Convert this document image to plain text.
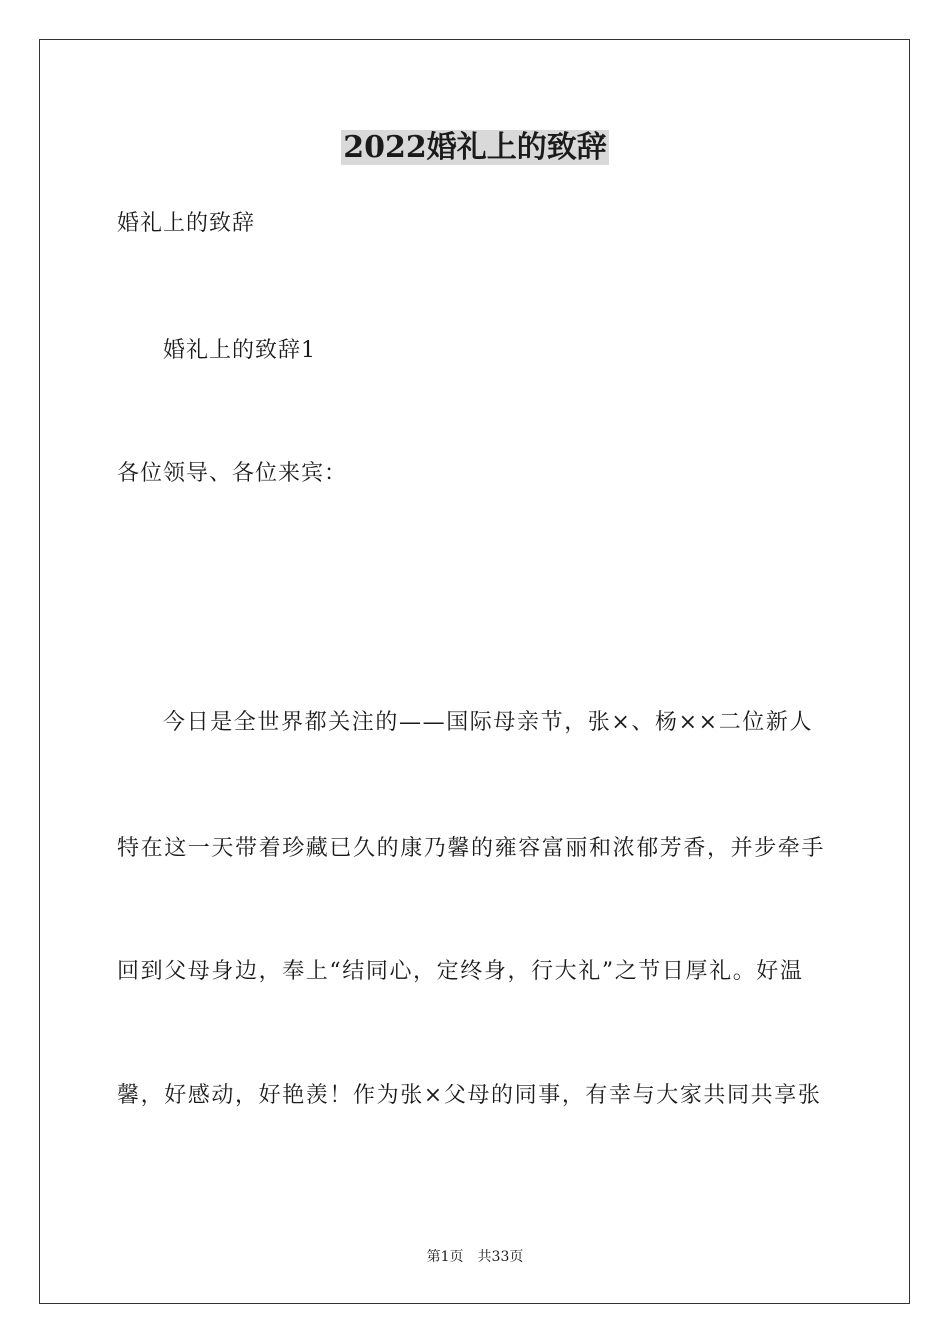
2022婚礼上的致辞
婚礼上的致辞
婚礼上的致辞1
各位领导、各位来宾：
今日是全世界都关注的——国际母亲节，张×、杨××二位新人
特在这一天带着珍藏已久的康乃馨的雍容富丽和浓郁芳香，并步牵手
回到父母身边，奉上“结同心，定终身，行大礼”之节日厚礼。好温
馨，好感动，好艳羡！作为张×父母的同事，有幸与大家共同共享张
第1页　共33页
